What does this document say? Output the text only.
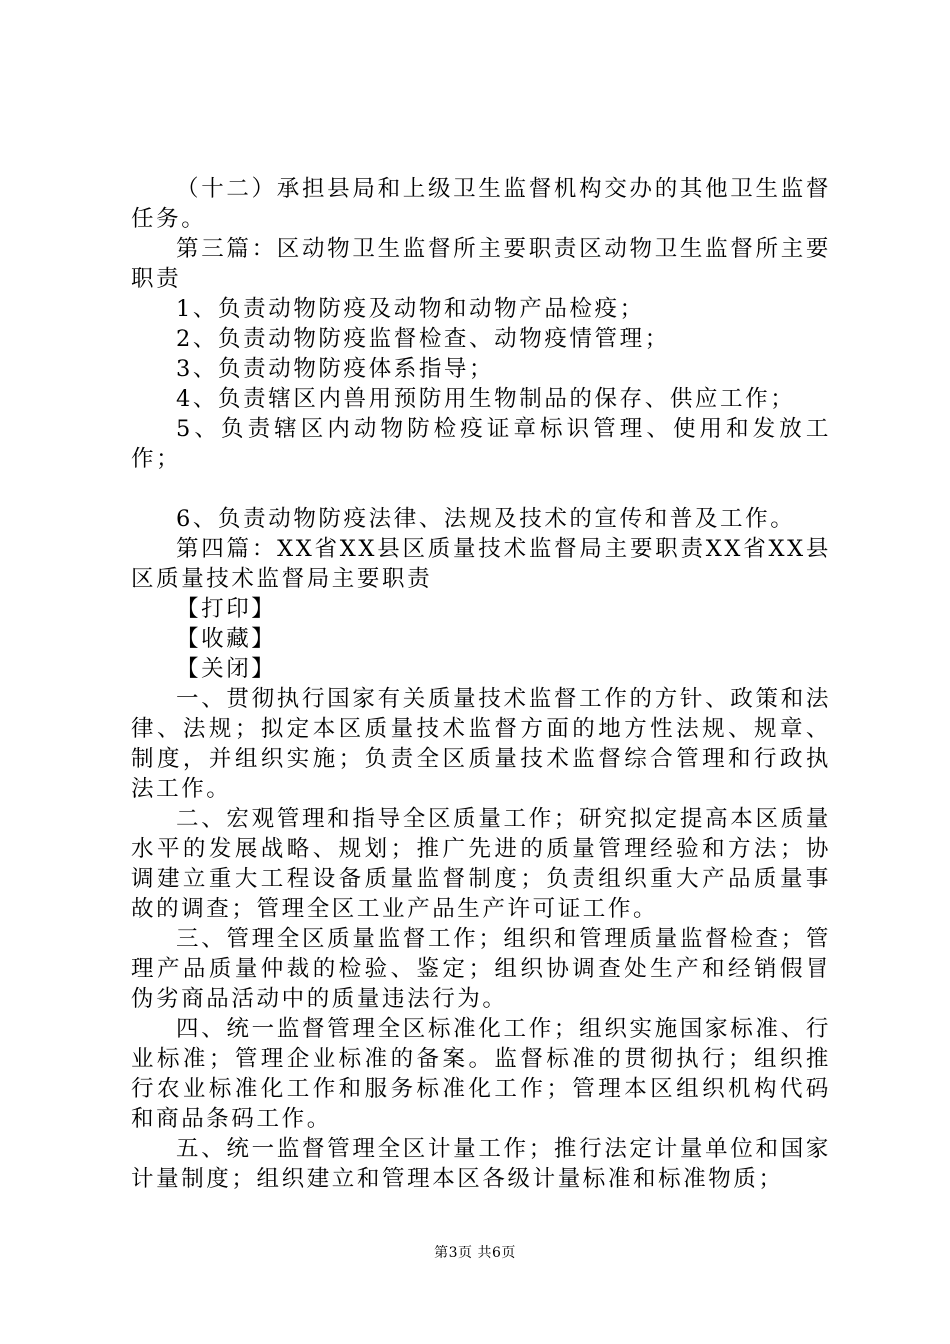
（十二）承担县局和上级卫生监督机构交办的其他卫生监督任务。

第三篇：区动物卫生监督所主要职责区动物卫生监督所主要职责

1、负责动物防疫及动物和动物产品检疫；

2、负责动物防疫监督检查、动物疫情管理；

3、负责动物防疫体系指导；

4、负责辖区内兽用预防用生物制品的保存、供应工作；

5、负责辖区内动物防检疫证章标识管理、使用和发放工作；

6、负责动物防疫法律、法规及技术的宣传和普及工作。

第四篇：XX省XX县区质量技术监督局主要职责XX省XX县区质量技术监督局主要职责

【打印】

【收藏】

【关闭】

一、贯彻执行国家有关质量技术监督工作的方针、政策和法律、法规；拟定本区质量技术监督方面的地方性法规、规章、制度，并组织实施；负责全区质量技术监督综合管理和行政执法工作。

二、宏观管理和指导全区质量工作；研究拟定提高本区质量水平的发展战略、规划；推广先进的质量管理经验和方法；协调建立重大工程设备质量监督制度；负责组织重大产品质量事故的调查；管理全区工业产品生产许可证工作。

三、管理全区质量监督工作；组织和管理质量监督检查；管理产品质量仲裁的检验、鉴定；组织协调查处生产和经销假冒伪劣商品活动中的质量违法行为。

四、统一监督管理全区标准化工作；组织实施国家标准、行业标准；管理企业标准的备案。监督标准的贯彻执行；组织推行农业标准化工作和服务标准化工作；管理本区组织机构代码和商品条码工作。

五、统一监督管理全区计量工作；推行法定计量单位和国家计量制度；组织建立和管理本区各级计量标准和标准物质；

第3页 共6页
